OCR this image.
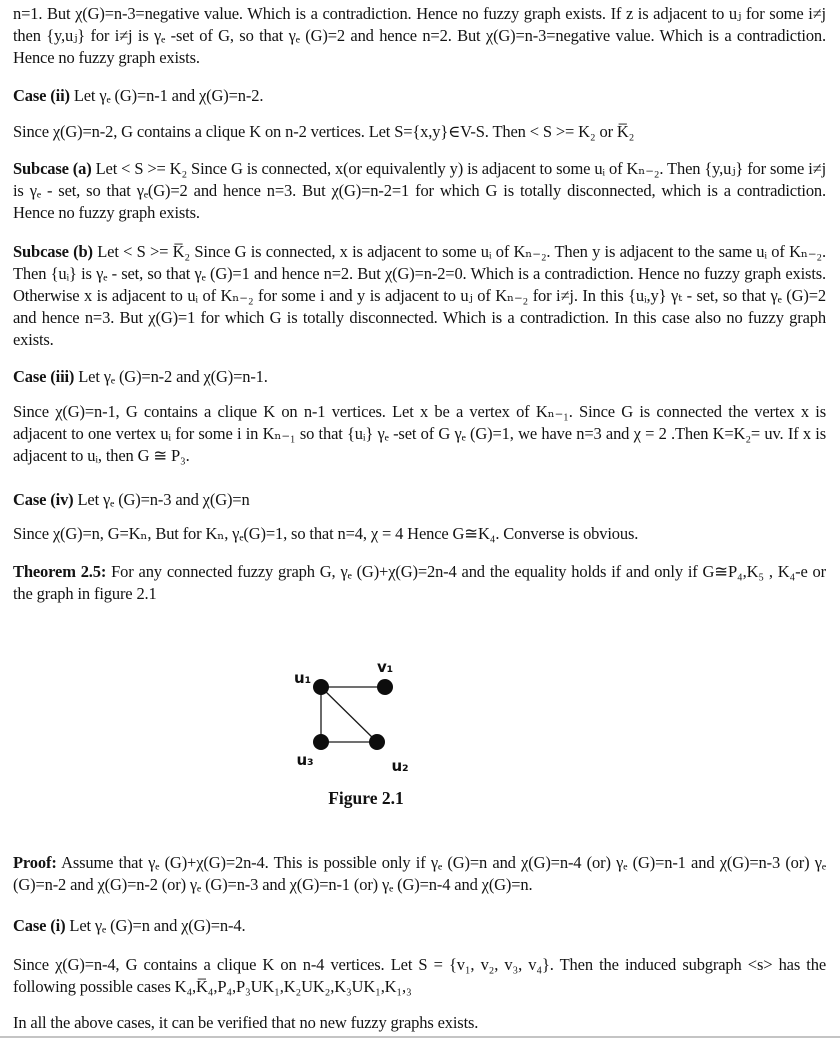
n=1. But χ(G)=n-3=negative value. Which is a contradiction. Hence no fuzzy graph exists. If z is adjacent to uⱼ for some i≠j then {y,uⱼ} for i≠j is γₑ -set of G, so that γₑ (G)=2 and hence n=2. But χ(G)=n-3=negative value. Which is a contradiction. Hence no fuzzy graph exists.

Case (ii) Let γₑ (G)=n-1 and χ(G)=n-2.

Since χ(G)=n-2, G contains a clique K on n-2 vertices. Let S={x,y}∈V-S. Then < S >= K₂ or K̅₂

Subcase (a) Let < S >= K₂ Since G is connected, x(or equivalently y) is adjacent to some uᵢ of Kₙ₋₂. Then {y,uⱼ} for some i≠j is γₑ - set, so that γₑ(G)=2 and hence n=3. But χ(G)=n-2=1 for which G is totally disconnected, which is a contradiction. Hence no fuzzy graph exists.

Subcase (b) Let < S >= K̅₂ Since G is connected, x is adjacent to some uᵢ of Kₙ₋₂. Then y is adjacent to the same uᵢ of Kₙ₋₂. Then {uᵢ} is γₑ - set, so that γₑ (G)=1 and hence n=2. But χ(G)=n-2=0. Which is a contradiction. Hence no fuzzy graph exists. Otherwise x is adjacent to uᵢ of Kₙ₋₂ for some i and y is adjacent to uⱼ of Kₙ₋₂ for i≠j. In this {uᵢ,y} γₜ - set, so that γₑ (G)=2 and hence n=3. But χ(G)=1 for which G is totally disconnected. Which is a contradiction. In this case also no fuzzy graph exists.

Case (iii) Let γₑ (G)=n-2 and χ(G)=n-1.

Since χ(G)=n-1, G contains a clique K on n-1 vertices. Let x be a vertex of Kₙ₋₁. Since G is connected the vertex x is adjacent to one vertex uᵢ for some i in Kₙ₋₁ so that {uᵢ} γₑ -set of G γₑ (G)=1, we have n=3 and χ = 2 .Then K=K₂= uv. If x is adjacent to uᵢ, then G ≅ P₃.

Case (iv) Let γₑ (G)=n-3 and χ(G)=n

Since χ(G)=n, G=Kₙ, But for Kₙ, γₑ(G)=1, so that n=4, χ = 4 Hence G≅K₄. Converse is obvious.

Theorem 2.5: For any connected fuzzy graph G, γₑ (G)+χ(G)=2n-4 and the equality holds if and only if G≅P₄,K₅ , K₄-e or the graph in figure 2.1

u₁
v₁
u₃	u₂
Figure 2.1

Proof: Assume that γₑ (G)+χ(G)=2n-4. This is possible only if γₑ (G)=n and χ(G)=n-4 (or) γₑ (G)=n-1 and χ(G)=n-3 (or) γₑ (G)=n-2 and χ(G)=n-2 (or) γₑ (G)=n-3 and χ(G)=n-1 (or) γₑ (G)=n-4 and χ(G)=n.

Case (i) Let γₑ (G)=n and χ(G)=n-4.

Since χ(G)=n-4, G contains a clique K on n-4 vertices. Let S = {v₁, v₂, v₃, v₄}. Then the induced subgraph <s> has the following possible cases K₄,K̅₄,P₄,P₃UK₁,K₂UK₂,K₃UK₁,K₁,₃

In all the above cases, it can be verified that no new fuzzy graphs exists.
